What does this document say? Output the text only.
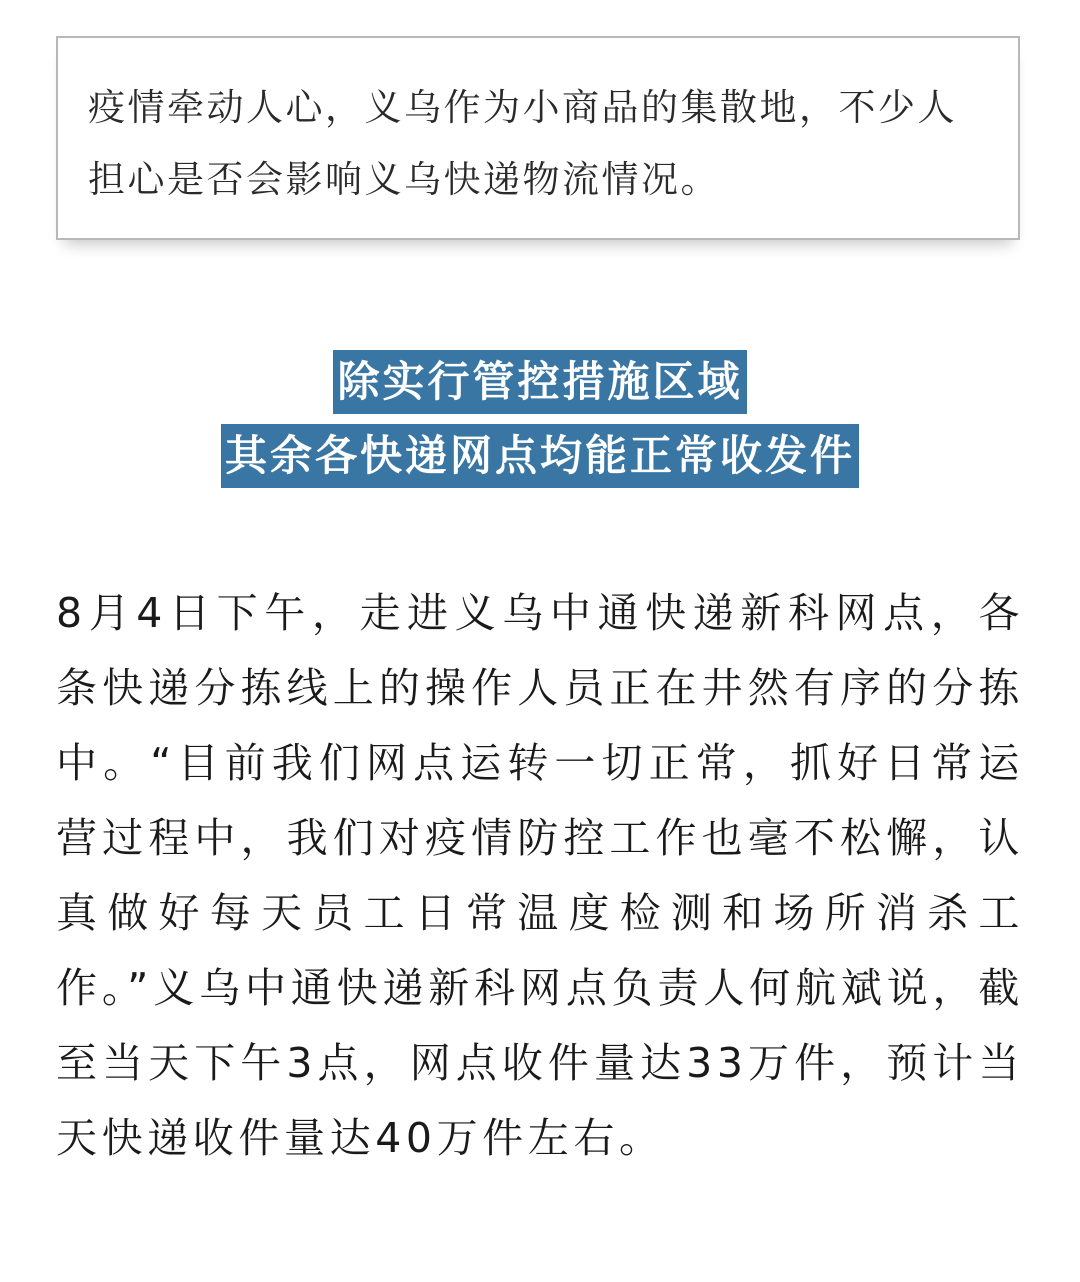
疫情牵动人心，义乌作为小商品的集散地，不少人担心是否会影响义乌快递物流情况。

除实行管控措施区域
其余各快递网点均能正常收发件

8月4日下午，走进义乌中通快递新科网点，各条快递分拣线上的操作人员正在井然有序的分拣中。“目前我们网点运转一切正常，抓好日常运营过程中，我们对疫情防控工作也毫不松懈，认真做好每天员工日常温度检测和场所消杀工作。”义乌中通快递新科网点负责人何航斌说，截至当天下午3点，网点收件量达33万件，预计当天快递收件量达40万件左右。
